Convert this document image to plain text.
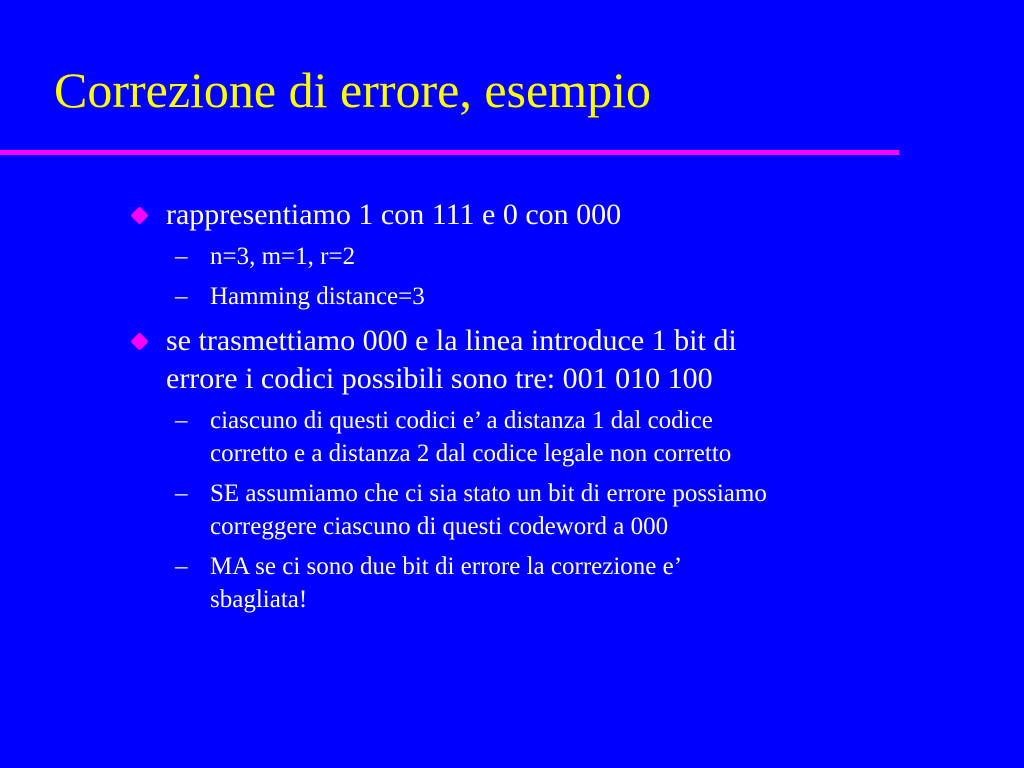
Correzione di errore, esempio
rappresentiamo 1 con 111 e 0 con 000
– n=3, m=1, r=2
– Hamming distance=3
se trasmettiamo 000 e la linea introduce 1 bit di
errore i codici possibili sono tre: 001 010 100
– ciascuno di questi codici e’ a distanza 1 dal codice
corretto e a distanza 2 dal codice legale non corretto
– SE assumiamo che ci sia stato un bit di errore possiamo
correggere ciascuno di questi codeword a 000
– MA se ci sono due bit di errore la correzione e’
sbagliata!
